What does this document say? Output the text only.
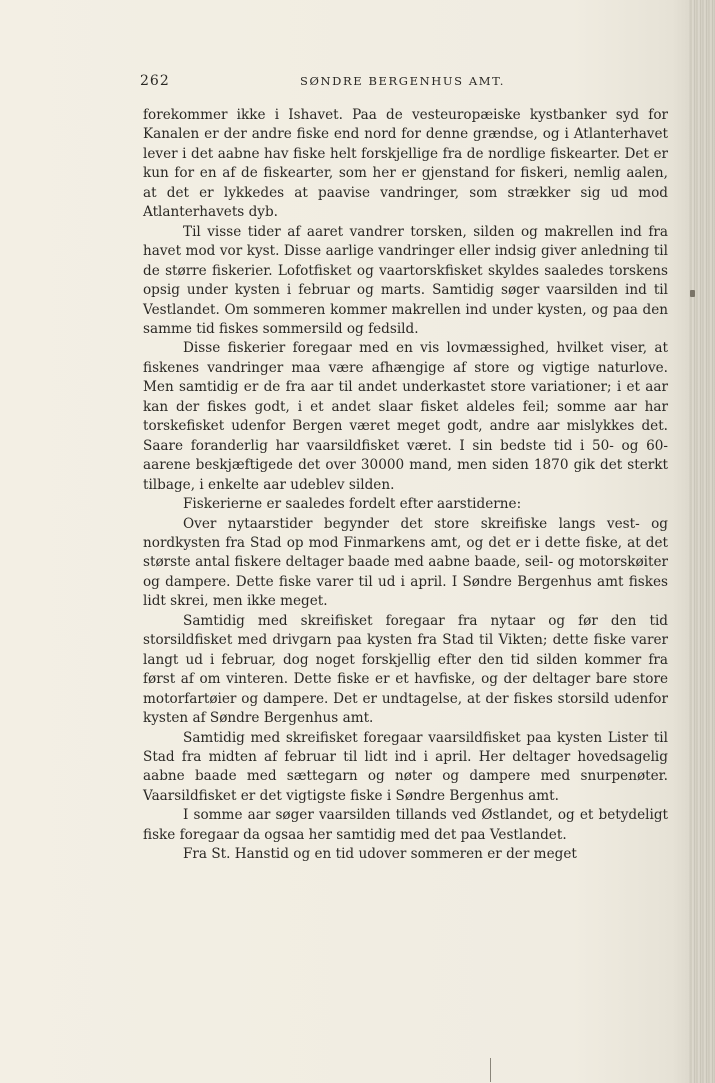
262	SØNDRE BERGENHUS AMT.

forekommer ikke i Ishavet. Paa de vesteuropæiske kystbanker syd for Kanalen er der andre fiske end nord for denne grændse, og i Atlanterhavet lever i det aabne hav fiske helt forskjellige fra de nordlige fiskearter. Det er kun for en af de fiskearter, som her er gjenstand for fiskeri, nemlig aalen, at det er lykkedes at paavise vandringer, som strækker sig ud mod Atlanterhavets dyb.

Til visse tider af aaret vandrer torsken, silden og makrellen ind fra havet mod vor kyst. Disse aarlige vandringer eller indsig giver anledning til de større fiskerier. Lofotfisket og vaartorskfisket skyldes saaledes torskens opsig under kysten i februar og marts. Samtidig søger vaarsilden ind til Vestlandet. Om sommeren kommer makrellen ind under kysten, og paa den samme tid fiskes sommersild og fedsild.

Disse fiskerier foregaar med en vis lovmæssighed, hvilket viser, at fiskenes vandringer maa være afhængige af store og vigtige naturlove. Men samtidig er de fra aar til andet underkastet store variationer; i et aar kan der fiskes godt, i et andet slaar fisket aldeles feil; somme aar har torskefisket udenfor Bergen været meget godt, andre aar mislykkes det. Saare foranderlig har vaarsildfisket været. I sin bedste tid i 50- og 60-aarene beskjæftigede det over 30000 mand, men siden 1870 gik det sterkt tilbage, i enkelte aar udeblev silden.

Fiskerierne er saaledes fordelt efter aarstiderne:

Over nytaarstider begynder det store skreifiske langs vest- og nordkysten fra Stad op mod Finmarkens amt, og det er i dette fiske, at det største antal fiskere deltager baade med aabne baade, seil- og motorskøiter og dampere. Dette fiske varer til ud i april. I Søndre Bergenhus amt fiskes lidt skrei, men ikke meget.

Samtidig med skreifisket foregaar fra nytaar og før den tid storsildfisket med drivgarn paa kysten fra Stad til Vikten; dette fiske varer langt ud i februar, dog noget forskjellig efter den tid silden kommer fra først af om vinteren. Dette fiske er et havfiske, og der deltager bare store motorfartøier og dampere. Det er undtagelse, at der fiskes storsild udenfor kysten af Søndre Bergenhus amt.

Samtidig med skreifisket foregaar vaarsildfisket paa kysten Lister til Stad fra midten af februar til lidt ind i april. Her deltager hovedsagelig aabne baade med sættegarn og nøter og dampere med snurpenøter. Vaarsildfisket er det vigtigste fiske i Søndre Bergenhus amt.

I somme aar søger vaarsilden tillands ved Østlandet, og et betydeligt fiske foregaar da ogsaa her samtidig med det paa Vestlandet.

Fra St. Hanstid og en tid udover sommeren er der meget
